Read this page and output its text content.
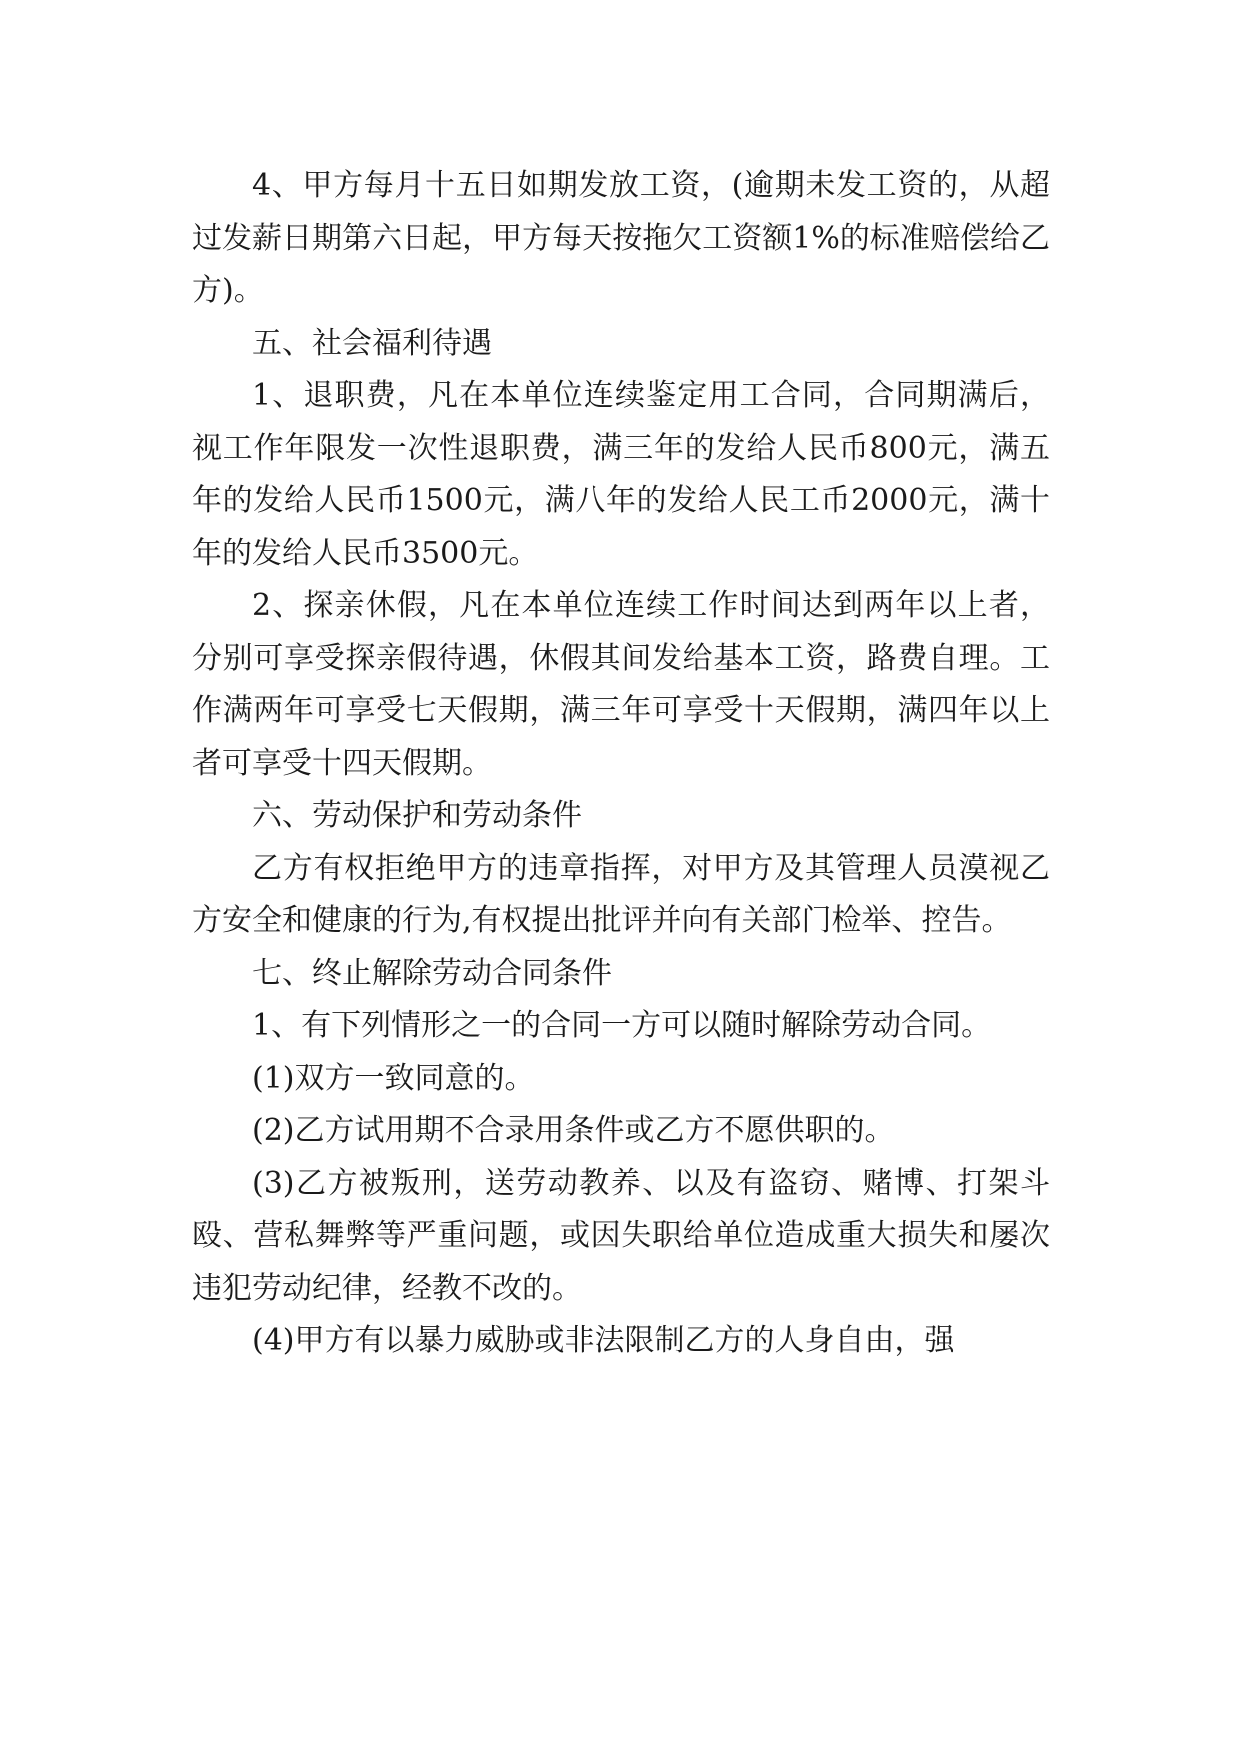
4、甲方每月十五日如期发放工资，(逾期未发工资的，从超过发薪日期第六日起，甲方每天按拖欠工资额1%的标准赔偿给乙方)。

五、社会福利待遇

1、退职费，凡在本单位连续鉴定用工合同，合同期满后，视工作年限发一次性退职费，满三年的发给人民币800元，满五年的发给人民币1500元，满八年的发给人民工币2000元，满十年的发给人民币3500元。

2、探亲休假，凡在本单位连续工作时间达到两年以上者，分别可享受探亲假待遇，休假其间发给基本工资，路费自理。工作满两年可享受七天假期，满三年可享受十天假期，满四年以上者可享受十四天假期。

六、劳动保护和劳动条件

乙方有权拒绝甲方的违章指挥，对甲方及其管理人员漠视乙方安全和健康的行为,有权提出批评并向有关部门检举、控告。

七、终止解除劳动合同条件

1、有下列情形之一的合同一方可以随时解除劳动合同。

(1)双方一致同意的。

(2)乙方试用期不合录用条件或乙方不愿供职的。

(3)乙方被叛刑，送劳动教养、以及有盗窃、赌博、打架斗殴、营私舞弊等严重问题，或因失职给单位造成重大损失和屡次违犯劳动纪律，经教不改的。

(4)甲方有以暴力威胁或非法限制乙方的人身自由，强
